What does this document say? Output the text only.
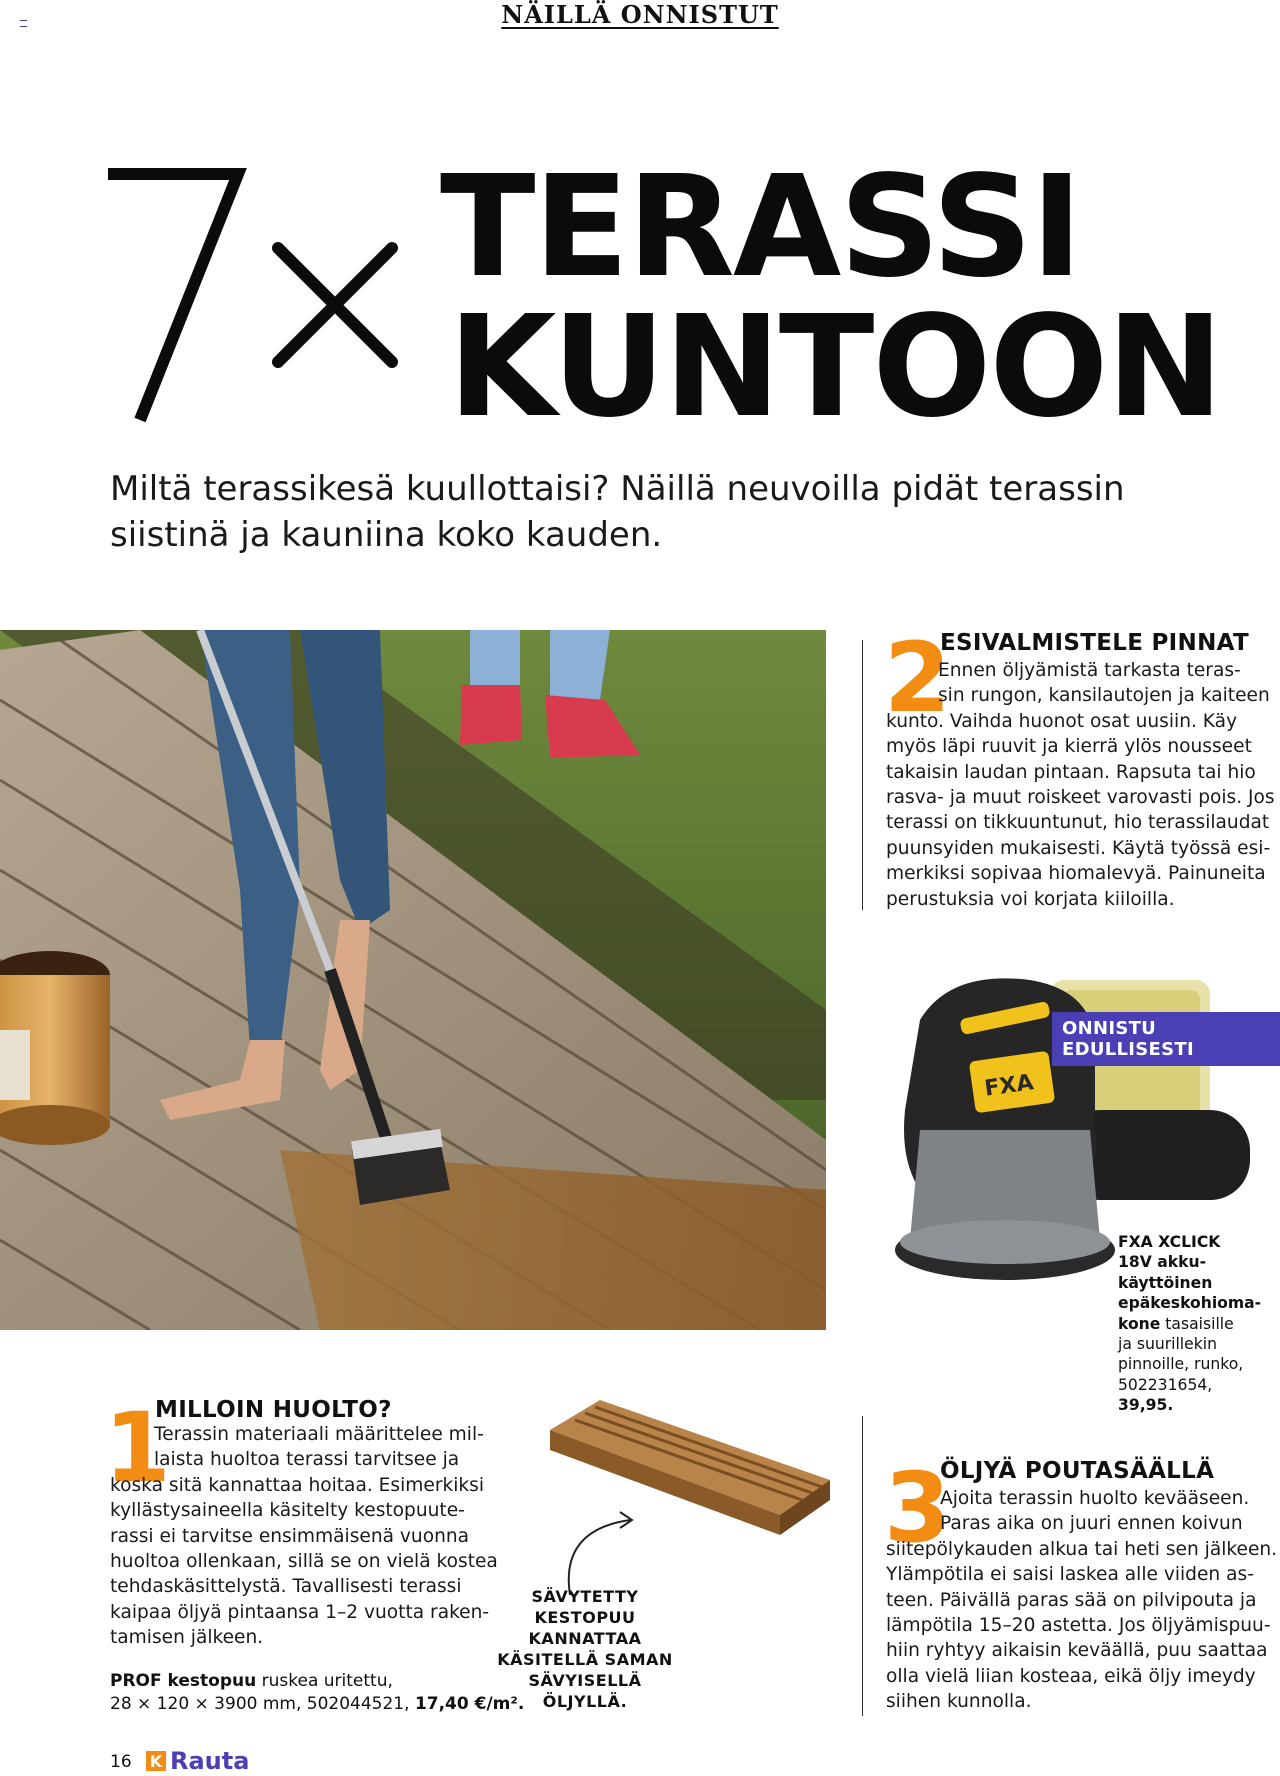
NÄILLÄ ONNISTUT
TERASSI
KUNTOON
Miltä terassikesä kuullottaisi? Näillä neuvoilla pidät terassin
siistinä ja kauniina koko kauden.
2
ESIVALMISTELE PINNAT
Ennen öljyämistä tarkasta teras-
sin rungon, kansilautojen ja kaiteen
kunto. Vaihda huonot osat uusiin. Käy
myös läpi ruuvit ja kierrä ylös nousseet
takaisin laudan pintaan. Rapsuta tai hio
rasva- ja muut roiskeet varovasti pois. Jos
terassi on tikkuuntunut, hio terassilaudat
puunsyiden mukaisesti. Käytä työssä esi-
merkiksi sopivaa hiomalevyä. Painuneita
perustuksia voi korjata kiiloilla.
FXA
ONNISTU EDULLISESTI
FXA XCLICK
18V akku-
käyttöinen
epäkeskohioma-
kone tasaisille
ja suurillekin
pinnoille, runko,
502231654,
39,95.
1
MILLOIN HUOLTO?
Terassin materiaali määrittelee mil-
laista huoltoa terassi tarvitsee ja
koska sitä kannattaa hoitaa. Esimerkiksi
kyllästysaineella käsitelty kestopuute-
rassi ei tarvitse ensimmäisenä vuonna
huoltoa ollenkaan, sillä se on vielä kostea
tehdaskäsittelystä. Tavallisesti terassi
kaipaa öljyä pintaansa 1–2 vuotta raken-
tamisen jälkeen.
PROF kestopuu ruskea uritettu,
28 × 120 × 3900 mm, 502044521, 17,40 €/m².
SÄVYTETTY
KESTOPUU
KANNATTAA
KÄSITELLÄ SAMAN
SÄVYISELLÄ
ÖLJYLLÄ.
3
ÖLJYÄ POUTASÄÄLLÄ
Ajoita terassin huolto kevääseen.
Paras aika on juuri ennen koivun
siitepölykauden alkua tai heti sen jälkeen.
Ylämpötila ei saisi laskea alle viiden as-
teen. Päivällä paras sää on pilvipouta ja
lämpötila 15–20 astetta. Jos öljyämispuu-
hiin ryhtyy aikaisin keväällä, puu saattaa
olla vielä liian kosteaa, eikä öljy imeydy
siihen kunnolla.
16 K Rauta
